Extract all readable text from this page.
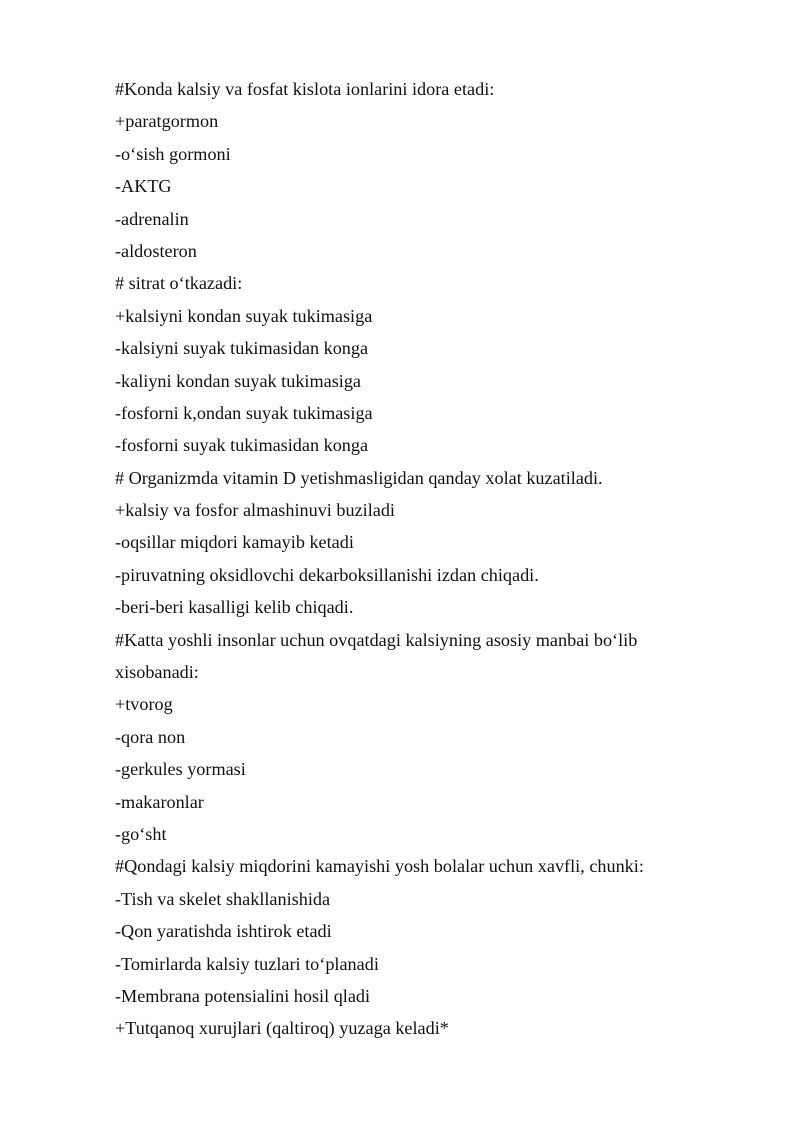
#Konda kalsiy va fosfat kislota ionlarini idora etadi:
+paratgormon
-o‘sish gormoni
-AKTG
-adrenalin
-aldosteron
# sitrat o‘tkazadi:
+kalsiyni kondan suyak tukimasiga
-kalsiyni suyak tukimasidan konga
-kaliyni kondan suyak tukimasiga
-fosforni k,ondan suyak tukimasiga
-fosforni suyak tukimasidan konga
# Organizmda vitamin D yetishmasligidan qanday xolat kuzatiladi.
+kalsiy va fosfor almashinuvi buziladi
-oqsillar miqdori kamayib ketadi
-piruvatning oksidlovchi dekarboksillanishi izdan chiqadi.
-beri-beri kasalligi kelib chiqadi.
#Katta yoshli insonlar uchun ovqatdagi kalsiyning asosiy manbai bo‘lib
xisobanadi:
+tvorog
-qora non
-gerkules yormasi
-makaronlar
-go‘sht
#Qondagi kalsiy miqdorini kamayishi yosh bolalar uchun xavfli, chunki:
-Tish va skelet shakllanishida
-Qon yaratishda ishtirok etadi
-Tomirlarda kalsiy tuzlari to‘planadi
-Membrana potensialini hosil qladi
+Tutqanoq xurujlari (qaltiroq) yuzaga keladi*
